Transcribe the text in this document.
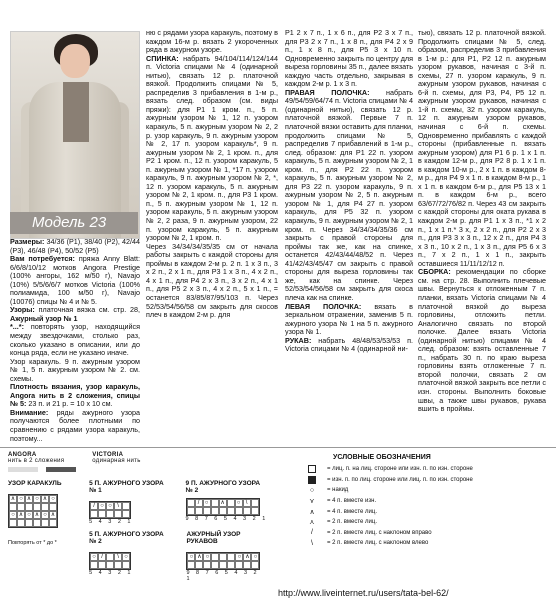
Модель 23

Размеры: 34/36 (P1), 38/40 (P2), 42/44 (P3), 46/48 (P4), 50/52 (P5)

Вам потребуется: пряжа Anny Blatt: 6/6/8/10/12 мотков Angora Prestige (100% ангоры, 162 м/50 г), Navajo (10%) 5/5/6/6/7 мотков Victoria (100% полиамида, 100 м/50 г), Navajo (10076) спицы № 4 и № 5.

Узоры: платочная вязка см. стр. 28, Ажурный узор № 1

*...*: повторять узор, находящийся между звездочками, столько раз, сколько указано в описании, или до конца ряда, если не указано иначе.

Узор каракуль. 9 п. ажурным узором № 1, 5 п. ажурным узором № 2. см. схемы.

Плотность вязания, узор каракуль, Angora нить в 2 сложения, спицы № 5: 23 п. и 21 р. = 10 х 10 см.

Внимание: ряды ажурного узора получаются более плотными по сравнению с рядами узора каракуль, поэтому...

ню с рядами узора каракуль, поэтому в каждом 16-м р. вязать 2 укороченных ряда в ажурном узоре.

СПИНКА: набрать 94/104/114/124/144 п. Victoria спицами № 4 (одинарной нитью), связать 12 р. платочной вязкой. Продолжить спицами № 5, распределив 3 прибавления в 1-м р., вязать след. образом (см. виды пряжи): для P1 1 кром. п., 5 п. ажурным узором № 1, 12 п. узором каракуль, 5 п. ажурным узором № 2, 2 р. узор каракуль, 9 п. ажурным узором № 2, 17 п. узором каракуль*, 9 п. ажурным узором № 2, 1 кром. п., для P2 1 кром. п., 12 п. узором каракуль, 5 п. ажурным узором № 1, *17 п. узором каракуль, 9 п. ажурным узором № 2, *, 12 п. узором каракуль, 5 п. ажурным узором № 2, 1 кром. п., для P3 1 кром. п., 5 п. ажурным узором № 1, 12 п. узором каракуль, 5 п. ажурным узором № 2, 2 раза, 9 п. ажурным узором, 22 п. узором каракуль, 5 п. ажурным узором № 2, 1 кром. п.

Через 34/34/34/35/35 см от начала работы закрыть с каждой стороны для проймы в каждом 2-м р. 2 п. 1 х 3 п., 3 х 2 п., 2 х 1 п., для P3 1 х 3 п., 4 х 2 п., 4 х 1 п., для P4 2 х 3 п., 3 х 2 п., 4 х 1 п., для P5 2 х 3 п., 4 х 2 п., 5 х 1 п., = останется 83/85/87/95/103 п. Через 52/53/54/56/58 см закрыть для скосов плеч в каждом 2-м р. для

P1 2 х 7 п., 1 х 6 п., для P2 3 х 7 п., для P3 2 х 7 п., 1 х 8 п., для P4 2 х 9 п., 1 х 8 п., для P5 3 х 10 п. Одновременно закрыть по центру для выреза горловины 35 п., далее вязать каждую часть отдельно, закрывая в каждом 2-м р. 1 х 3 п.

ПРАВАЯ ПОЛОЧКА: набрать 49/54/59/64/74 п. Victoria спицами № 4 (одинарной нитью), связать 12 р. платочной вязкой. Первые 7 п. платочной вязки оставить для планки, продолжить спицами № 5, распределив 7 прибавлений в 1-м р., след. образом: для P1 22 п. узором каракуль, 5 п. ажурным узором № 2, 1 кром. п., для P2 22 п. узором каракуль, 5 п. ажурным узором № 2, для P3 22 п. узором каракуль, 9 п. ажурным узором № 2, 5 п. ажурным узором № 1, для P4 27 п. узором каракуль, для P5 32 п. узором каракуль, 9 п. ажурным узором № 2, 1 кром. п. Через 34/34/34/35/36 см закрыть с правой стороны для проймы так же, как на спинке, останется 42/43/44/48/52 п. Через 41/42/43/45/47 см закрыть с правой стороны для выреза горловины так же, как на спинке. Через 52/53/54/56/58 см закрыть для скоса плеча как на спинке.

ЛЕВАЯ ПОЛОЧКА: вязать в зеркальном отражении, заменив 5 п. ажурного узора № 1 на 5 п. ажурного узора № 1.

РУКАВ: набрать 48/48/53/53/53 п. Victoria спицами № 4 (одинарной ни-

тью), связать 12 р. платочной вязкой. Продолжить спицами № 5, след. образом, распределив 3 прибавления в 1-м р.: для P1, P2 12 п. ажурным узором рукавов, начиная с 3-й п. схемы, 27 п. узором каракуль, 9 п. ажурным узором рукавов, начиная с 6-й п. схемы, для P3, P4, P5 12 п. ажурным узором рукавов, начиная с 1-й п. схемы, 32 п. узором каракуль, 12 п. ажурным узором рукавов, начиная с 6-й п. схемы. Одновременно прибавлять с каждой стороны (прибавленные п. вязать ажурным узором) для P1 6 р. 1 х 1 п. в каждом 12-м р., для P2 8 р. 1 х 1 п. в каждом 10-м р., 2 х 1 п. в каждом 8-м р., для P4 9 х 1 п. в каждом 8-м р., 1 х 1 п. в каждом 6-м р., для P5 13 х 1 п. в каждом 6-м р., всего 63/67/72/76/82 п. Через 43 см закрыть с каждой стороны для оката рукава в каждом 2-м р. для P1 1 х 3 п., *1 х 2 п., 1 х 1 п.* 3 х, 2 х 2 п., для P2 2 х 3 п., для P3 3 х 3 п., 12 х 2 п., для P4 3 х 3 п., 10 х 2 п., 1 х 3 п., для P5 6 х 3 п., 7 х 2 п., 1 х 1 п., закрыть оставшиеся 11/11/12/12 п.

СБОРКА: рекомендации по сборке см. на стр. 28. Выполнить плечевые швы. Вернуться к отложенным 7 п. планки, вязать Victoria спицами № 4 платочной вязкой до выреза горловины, отложить петли. Аналогично связать по второй полочке. Далее вязать Victoria (одинарной нитью) спицами № 4 след. образом: взять оставленные 7 п., набрать 30 п. по краю выреза горловины взять отложенные 7 п. второй полочки, связать 2 см платочной вязкой закрыть все петли с изн. стороны. Выполнить боковые швы, а также швы рукавов, рукава вшить в проймы.

ANGORA
нить в 2 сложения
VICTORIA
одинарная нить
УЗОР КАРАКУЛЬ
∧ ○ ∧ ○ ∧ ○
○ ∧ ○ ∧ ○ ∧
Повторять от * до *
5 П. АЖУРНОГО УЗОРА № 1
/ ○ ○ \
5 4 3 2 1
9 П. АЖУРНОГО УЗОРА № 2
/ ○	∧	○ \
9 8 7 6 5 4 3 2 1
5 П. АЖУРНОГО УЗОРА № 2
○ /	\ ○
5 4 3 2 1
АЖУРНЫЙ УЗОР РУКАВОВ
○ ∧ ○	○ ∧ ○
9 8 7 6 5 4 3 2 1
УСЛОВНЫЕ ОБОЗНАЧЕНИЯ
= лиц. п. на лиц. стороне или изн. п. по изн. стороне
= изн. п. по лиц. стороне или лиц. п. по изн. стороне
○	= накид
⋎	= 4 п. вместе изн.
∧	= 4 п. вместе лиц.
⋏	= 2 п. вместе лиц.
/	= 2 п. вместе лиц. с наклоном вправо
\	= 2 п. вместе лиц. с наклоном влево
http://www.liveinternet.ru/users/tata-bel-62/
